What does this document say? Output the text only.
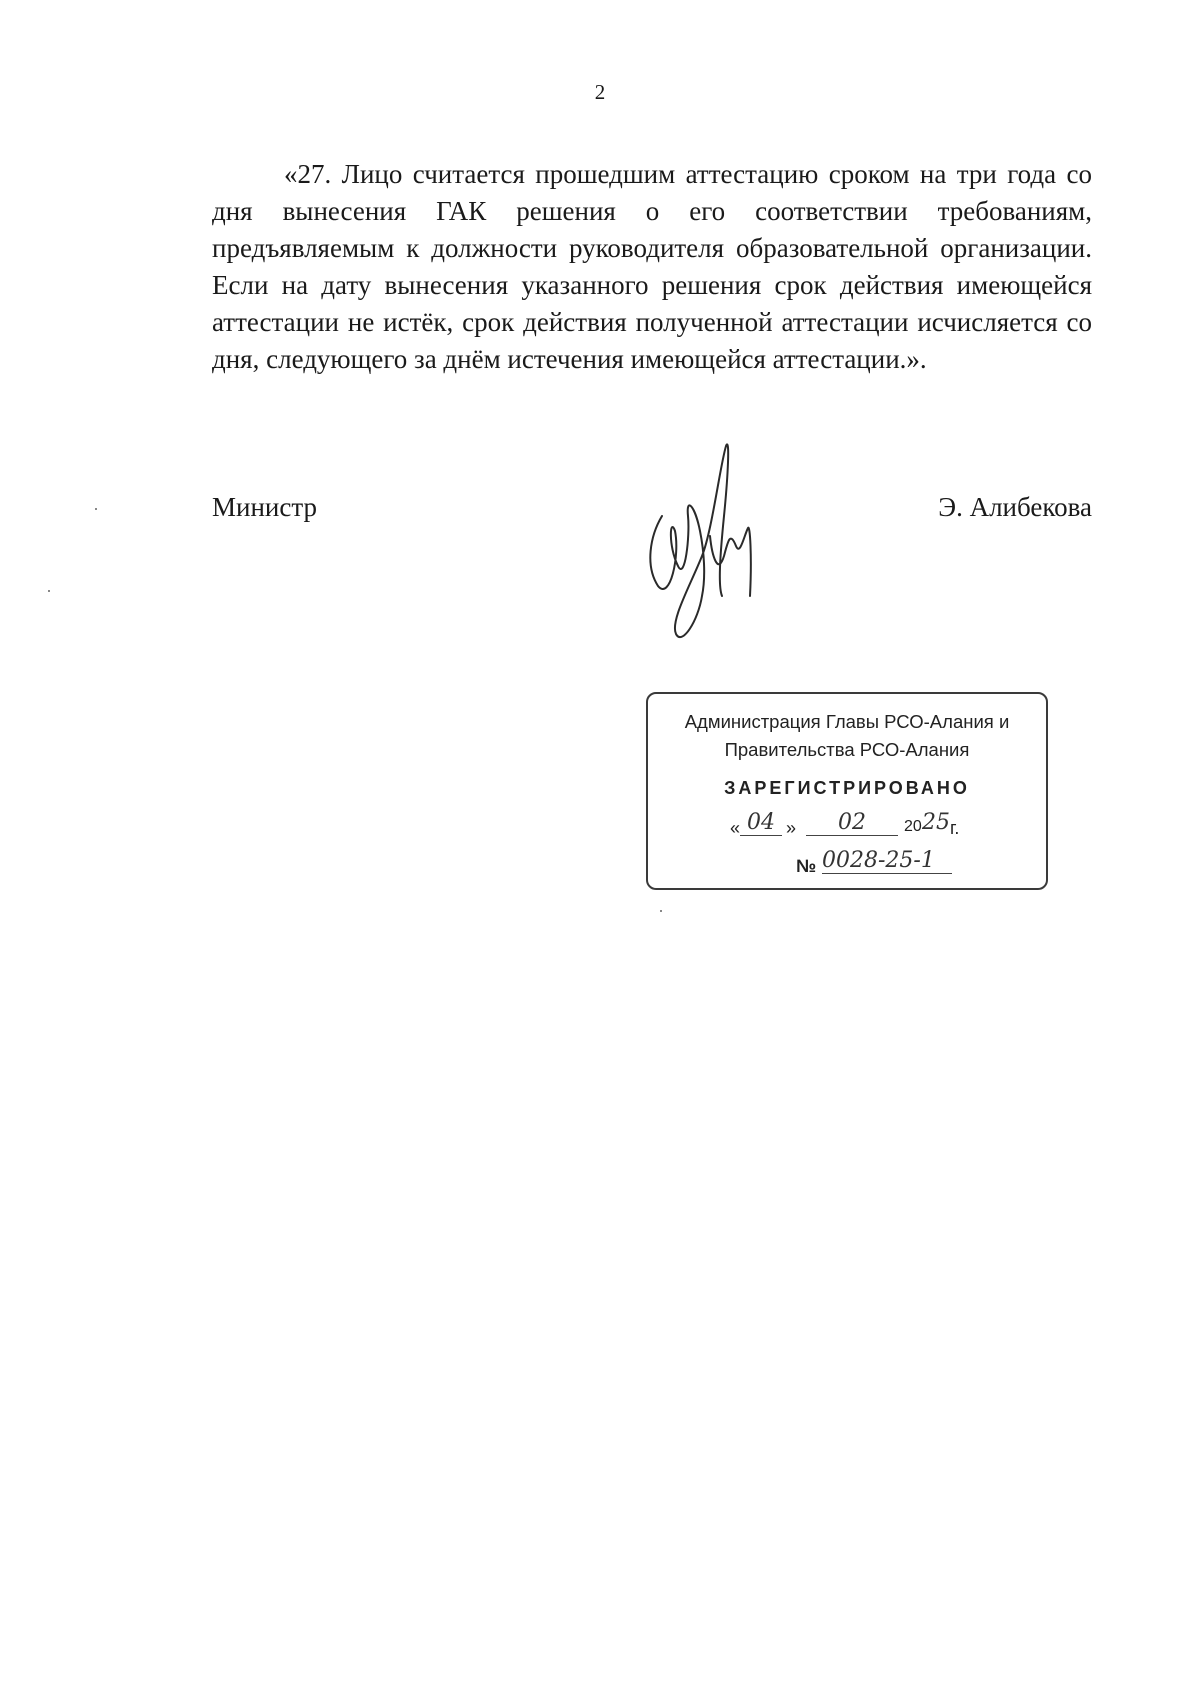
2

«27. Лицо считается прошедшим аттестацию сроком на три года со дня вынесения ГАК решения о его соответствии требованиям, предъявляемым к должности руководителя образовательной организации. Если на дату вынесения указанного решения срок действия имеющейся аттестации не истёк, срок действия полученной аттестации исчисляется со дня, следующего за днём истечения имеющейся аттестации.».

Министр	Э. Алибекова
Администрация Главы РСО-Алания и
Правительства РСО-Алания
ЗАРЕГИСТРИРОВАНО
« 04 »	02	20 25 г.
№ 0028-25-1
